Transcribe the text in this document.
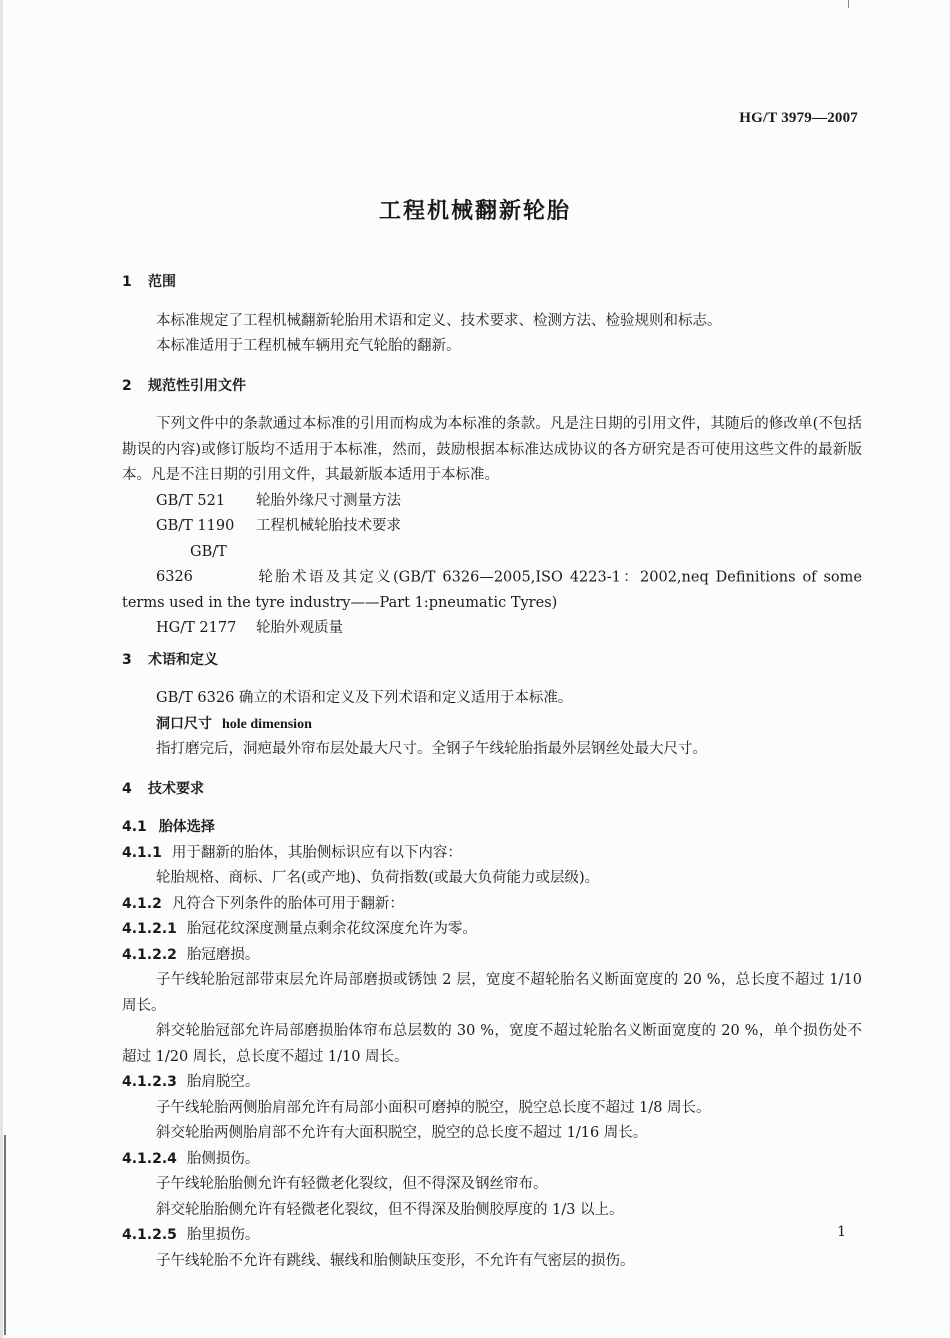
HG/T 3979—2007
工程机械翻新轮胎
1 范围

本标准规定了工程机械翻新轮胎用术语和定义、技术要求、检测方法、检验规则和标志。

本标准适用于工程机械车辆用充气轮胎的翻新。

2 规范性引用文件

下列文件中的条款通过本标准的引用而构成为本标准的条款。凡是注日期的引用文件，其随后的修改单(不包括勘误的内容)或修订版均不适用于本标准，然而，鼓励根据本标准达成协议的各方研究是否可使用这些文件的最新版本。凡是不注日期的引用文件，其最新版本适用于本标准。

GB/T 521 轮胎外缘尺寸测量方法

GB/T 1190 工程机械轮胎技术要求

GB/T 6326	轮胎术语及其定义(GB/T 6326—2005,ISO 4223-1：2002,neq Definitions of some terms used in the tyre industry——Part 1:pneumatic Tyres)

HG/T 2177 轮胎外观质量

3 术语和定义

GB/T 6326 确立的术语和定义及下列术语和定义适用于本标准。

洞口尺寸 hole dimension

指打磨完后，洞疤最外帘布层处最大尺寸。全钢子午线轮胎指最外层钢丝处最大尺寸。

4 技术要求

4.1 胎体选择

4.1.1 用于翻新的胎体，其胎侧标识应有以下内容：

轮胎规格、商标、厂名(或产地)、负荷指数(或最大负荷能力或层级)。

4.1.2 凡符合下列条件的胎体可用于翻新：

4.1.2.1 胎冠花纹深度测量点剩余花纹深度允许为零。

4.1.2.2 胎冠磨损。

子午线轮胎冠部带束层允许局部磨损或锈蚀 2 层，宽度不超轮胎名义断面宽度的 20 %，总长度不超过 1/10 周长。

斜交轮胎冠部允许局部磨损胎体帘布总层数的 30 %，宽度不超过轮胎名义断面宽度的 20 %，单个损伤处不超过 1/20 周长，总长度不超过 1/10 周长。

4.1.2.3 胎肩脱空。

子午线轮胎两侧胎肩部允许有局部小面积可磨掉的脱空，脱空总长度不超过 1/8 周长。

斜交轮胎两侧胎肩部不允许有大面积脱空，脱空的总长度不超过 1/16 周长。

4.1.2.4 胎侧损伤。

子午线轮胎胎侧允许有轻微老化裂纹，但不得深及钢丝帘布。

斜交轮胎胎侧允许有轻微老化裂纹，但不得深及胎侧胶厚度的 1/3 以上。

4.1.2.5 胎里损伤。

子午线轮胎不允许有跳线、辗线和胎侧缺压变形，不允许有气密层的损伤。

1
